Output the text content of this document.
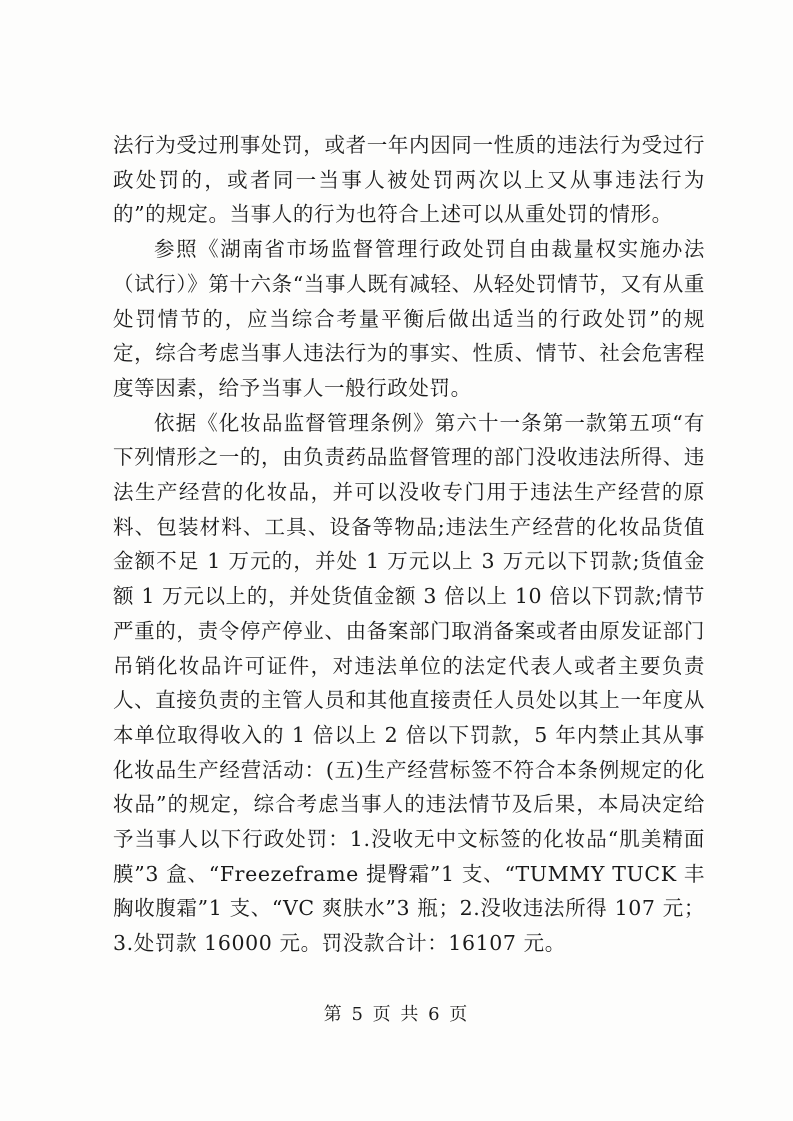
法行为受过刑事处罚，或者一年内因同一性质的违法行为受过行政处罚的，或者同一当事人被处罚两次以上又从事违法行为的”的规定。当事人的行为也符合上述可以从重处罚的情形。

参照《湖南省市场监督管理行政处罚自由裁量权实施办法（试行）》第十六条“当事人既有减轻、从轻处罚情节，又有从重处罚情节的，应当综合考量平衡后做出适当的行政处罚”的规定，综合考虑当事人违法行为的事实、性质、情节、社会危害程度等因素，给予当事人一般行政处罚。

依据《化妆品监督管理条例》第六十一条第一款第五项“有下列情形之一的，由负责药品监督管理的部门没收违法所得、违法生产经营的化妆品，并可以没收专门用于违法生产经营的原料、包装材料、工具、设备等物品;违法生产经营的化妆品货值金额不足 1 万元的，并处 1 万元以上 3 万元以下罚款;货值金额 1 万元以上的，并处货值金额 3 倍以上 10 倍以下罚款;情节严重的，责令停产停业、由备案部门取消备案或者由原发证部门吊销化妆品许可证件，对违法单位的法定代表人或者主要负责人、直接负责的主管人员和其他直接责任人员处以其上一年度从本单位取得收入的 1 倍以上 2 倍以下罚款，5 年内禁止其从事化妆品生产经营活动：(五)生产经营标签不符合本条例规定的化妆品”的规定，综合考虑当事人的违法情节及后果，本局决定给予当事人以下行政处罚：1.没收无中文标签的化妆品“肌美精面膜”3 盒、“Freezeframe 提臀霜”1 支、“TUMMY TUCK 丰胸收腹霜”1 支、“VC 爽肤水”3 瓶；2.没收违法所得 107 元；3.处罚款 16000 元。罚没款合计：16107 元。

第 5 页 共 6 页
